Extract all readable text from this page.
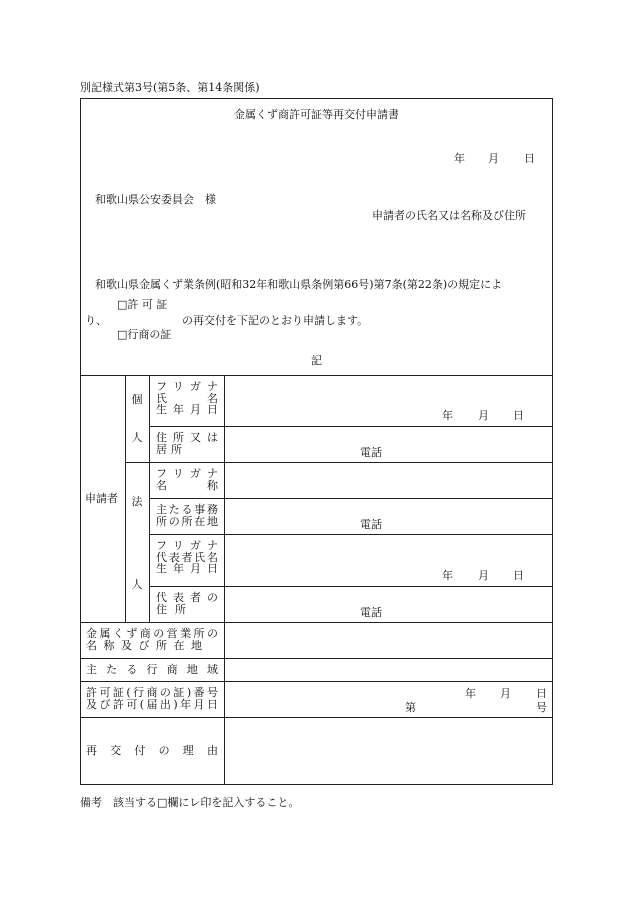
別記様式第3号(第5条、第14条関係)
金属くず商許可証等再交付申請書
年 月 日
和歌山県公安委員会　様
申請者の氏名又は名称及び住所
和歌山県金属くず業条例(昭和32年和歌山県条例第66号)第7条(第22条)の規定によ
□許 可 証
り、	の再交付を下記のとおり申請します。
□行商の証
記
申請者
個
人
法
人
フリガナ
氏　名
生年月日
住所又は
居所
フリガナ
名　称
主たる事務
所の所在地
フリガナ
代表者氏名
生年月日
代表者の
住所
金属くず商の営業所の
名称及び所在地
主たる行商地域
許可証(行商の証)番号
及び許可(届出)年月日
再交付の理由
年 月 日
電話
電話
年 月 日
電話
年 月 日
第	号
備考　該当する□欄にレ印を記入すること。
